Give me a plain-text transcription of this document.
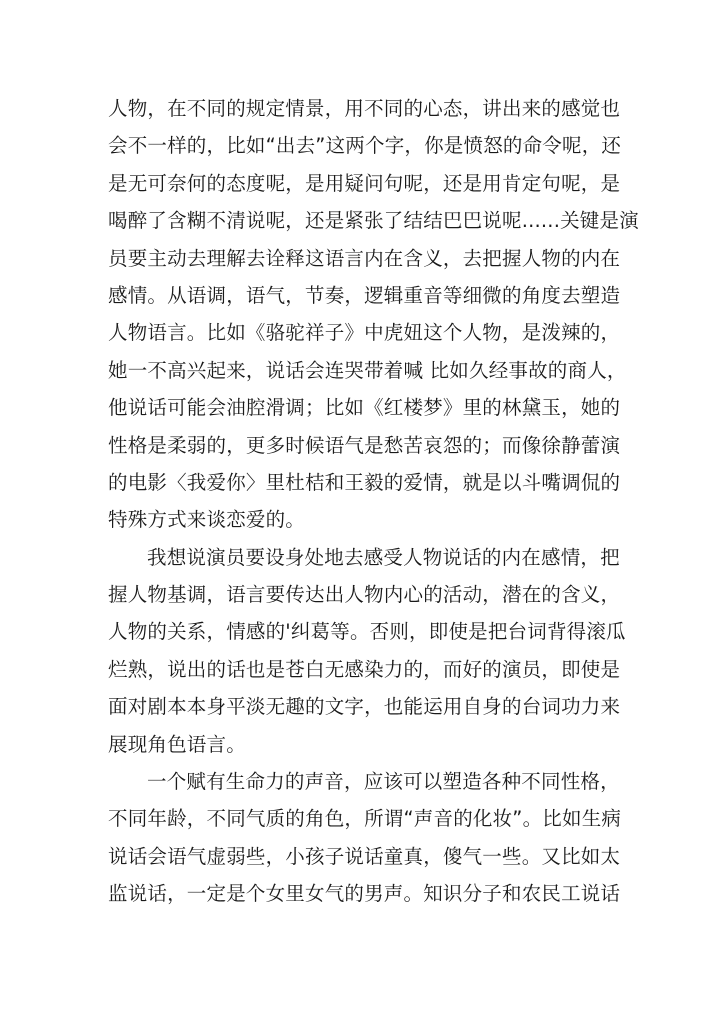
人物，在不同的规定情景，用不同的心态，讲出来的感觉也
会不一样的，比如“出去”这两个字，你是愤怒的命令呢，还
是无可奈何的态度呢，是用疑问句呢，还是用肯定句呢，是
喝醉了含糊不清说呢，还是紧张了结结巴巴说呢......关键是演
员要主动去理解去诠释这语言内在含义，去把握人物的内在
感情。从语调，语气，节奏，逻辑重音等细微的角度去塑造
人物语言。比如《骆驼祥子》中虎妞这个人物，是泼辣的，
她一不高兴起来，说话会连哭带着喊 比如久经事故的商人，
他说话可能会油腔滑调；比如《红楼梦》里的林黛玉，她的
性格是柔弱的，更多时候语气是愁苦哀怨的；而像徐静蕾演
的电影〈我爱你〉里杜桔和王毅的爱情，就是以斗嘴调侃的
特殊方式来谈恋爱的。
我想说演员要设身处地去感受人物说话的内在感情，把
握人物基调，语言要传达出人物内心的活动，潜在的含义，
人物的关系，情感的'纠葛等。否则，即使是把台词背得滚瓜
烂熟，说出的话也是苍白无感染力的，而好的演员，即使是
面对剧本本身平淡无趣的文字，也能运用自身的台词功力来
展现角色语言。
一个赋有生命力的声音，应该可以塑造各种不同性格，
不同年龄，不同气质的角色，所谓“声音的化妆”。比如生病
说话会语气虚弱些，小孩子说话童真，傻气一些。又比如太
监说话，一定是个女里女气的男声。知识分子和农民工说话
